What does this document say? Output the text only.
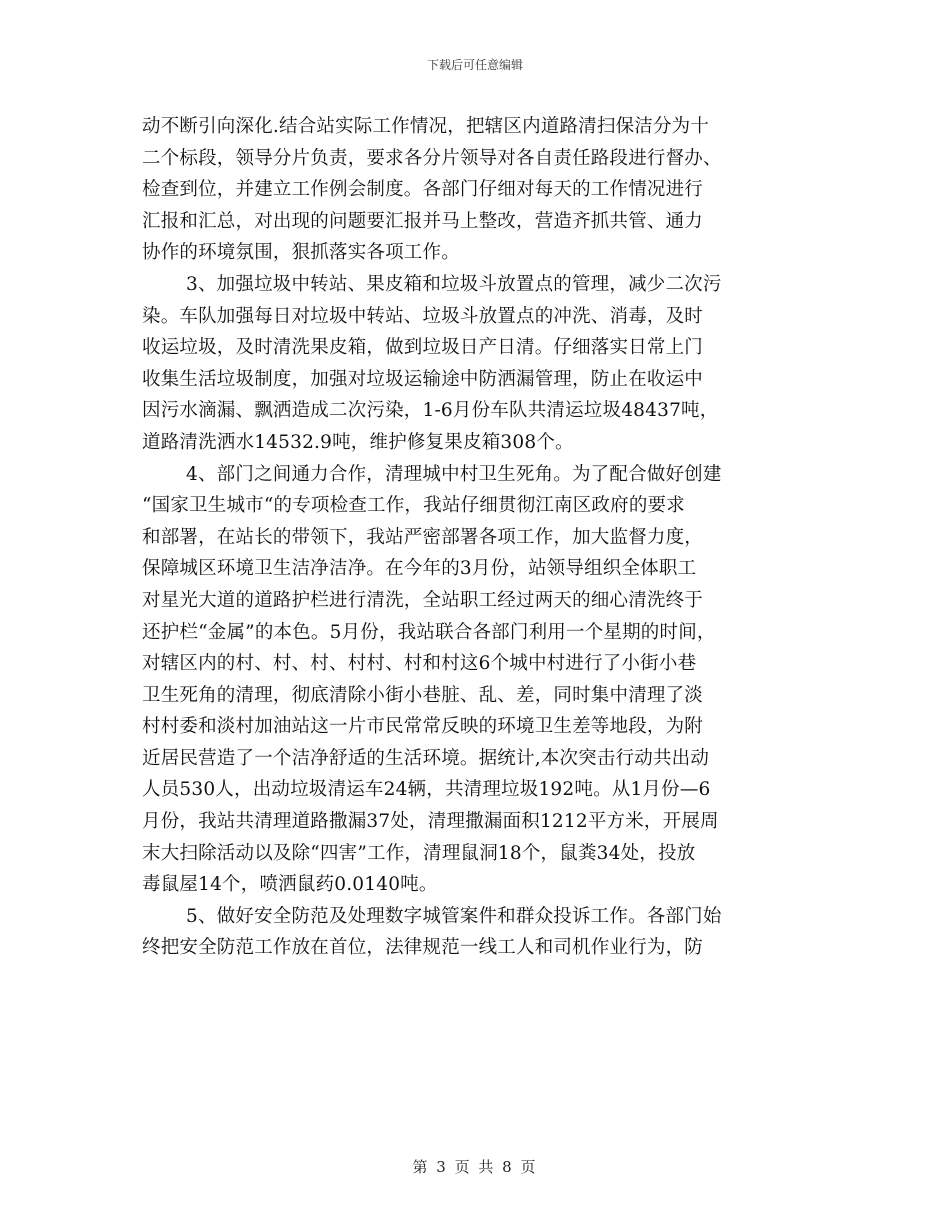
下载后可任意编辑
动不断引向深化.结合站实际工作情况，把辖区内道路清扫保洁分为十
二个标段，领导分片负责，要求各分片领导对各自责任路段进行督办、
检查到位，并建立工作例会制度。各部门仔细对每天的工作情况进行
汇报和汇总，对出现的问题要汇报并马上整改，营造齐抓共管、通力
协作的环境氛围，狠抓落实各项工作。
3、加强垃圾中转站、果皮箱和垃圾斗放置点的管理，减少二次污
染。车队加强每日对垃圾中转站、垃圾斗放置点的冲洗、消毒，及时
收运垃圾，及时清洗果皮箱，做到垃圾日产日清。仔细落实日常上门
收集生活垃圾制度，加强对垃圾运输途中防洒漏管理，防止在收运中
因污水滴漏、飘洒造成二次污染，1-6月份车队共清运垃圾48437吨，
道路清洗洒水14532.9吨，维护修复果皮箱308个。
4、部门之间通力合作，清理城中村卫生死角。为了配合做好创建
“国家卫生城市“的专项检查工作，我站仔细贯彻江南区政府的要求
和部署，在站长的带领下，我站严密部署各项工作，加大监督力度，
保障城区环境卫生洁净洁净。在今年的3月份，站领导组织全体职工
对星光大道的道路护栏进行清洗，全站职工经过两天的细心清洗终于
还护栏“金属”的本色。5月份，我站联合各部门利用一个星期的时间，
对辖区内的村、村、村、村村、村和村这6个城中村进行了小街小巷
卫生死角的清理，彻底清除小街小巷脏、乱、差，同时集中清理了淡
村村委和淡村加油站这一片市民常常反映的环境卫生差等地段，为附
近居民营造了一个洁净舒适的生活环境。据统计,本次突击行动共出动
人员530人，出动垃圾清运车24辆，共清理垃圾192吨。从1月份—6
月份，我站共清理道路撒漏37处，清理撒漏面积1212平方米，开展周
末大扫除活动以及除“四害”工作，清理鼠洞18个，鼠粪34处，投放
毒鼠屋14个，喷洒鼠药0.0140吨。
5、做好安全防范及处理数字城管案件和群众投诉工作。各部门始
终把安全防范工作放在首位，法律规范一线工人和司机作业行为，防
第 3 页 共 8 页
